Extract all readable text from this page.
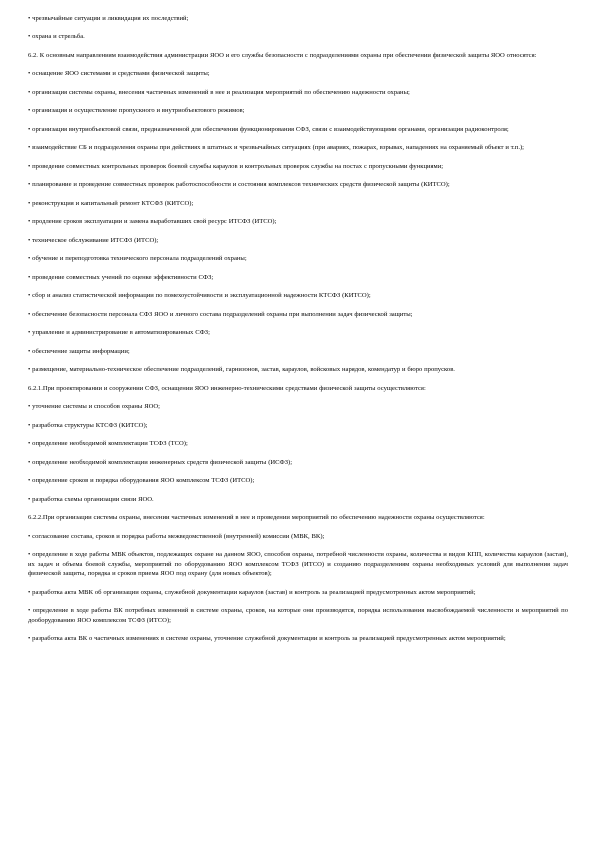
• чрезвычайные ситуации и ликвидация их последствий;

• охрана и стрельба.

6.2. К основным направлениям взаимодействия администрации ЯОО и его службы безопасности с подразделениями охраны при обеспечении физической защиты ЯОО относятся:

• оснащение ЯОО системами и средствами физической защиты;

• организация системы охраны, внесения частичных изменений в нее и реализация мероприятий по обеспечению надежности охраны;

• организация и осуществление пропускного и внутриобъектового режимов;

• организация внутриобъектовой связи, предназначенной для обеспечения функционирования СФЗ, связи с взаимодействующими органами, организация радиоконтроля;

• взаимодействие СБ и подразделения охраны при действиях в штатных и чрезвычайных ситуациях (при авариях, пожарах, взрывах, нападениях на охраняемый объект и т.п.);

• проведение совместных контрольных проверок боевой службы караулов и контрольных проверок службы на постах с пропускными функциями;

• планирование и проведение совместных проверок работоспособности и состояния комплексов технических средств физической защиты (КИТСО);

• реконструкция и капитальный ремонт КТСФЗ (КИТСО);

• продление сроков эксплуатации и замена выработавших свой ресурс ИТСФЗ (ИТСО);

• техническое обслуживание ИТСФЗ (ИТСО);

• обучение и переподготовка технического персонала подразделений охраны;

• проведение совместных учений по оценке эффективности СФЗ;

• сбор и анализ статистической информации по помехоустойчивости и эксплуатационной надежности КТСФЗ (КИТСО);

• обеспечение безопасности персонала СФЗ ЯОО и личного состава подразделений охраны при выполнении задач физической защиты;

• управление и администрирование в автоматизированных СФЗ;

• обеспечение защиты информации;

• размещение, материально-техническое обеспечение подразделений, гарнизонов, застав, караулов, войсковых нарядов, комендатур и бюро пропусков.

6.2.1.При проектировании и сооружении СФЗ, оснащении ЯОО инженерно-техническими средствами физической защиты осуществляются:

• уточнение системы и способов охраны ЯОО;

• разработка структуры КТСФЗ (КИТСО);

• определение необходимой комплектации ТСФЗ (ТСО);

• определение необходимой комплектации инженерных средств физической защиты (ИСФЗ);

• определение сроков и порядка оборудования ЯОО комплексом ТСФЗ (ИТСО);

• разработка схемы организации связи ЯОО.

6.2.2.При организации системы охраны, внесении частичных изменений в нее и проведении мероприятий по обеспечению надежности охраны осуществляются:

• согласование состава, сроков и порядка работы межведомственной (внутренней) комиссии (МВК, ВК);

• определение в ходе работы МВК объектов, подлежащих охране на данном ЯОО, способов охраны, потребной численности охраны, количества и видов КПП, количества караулов (застав), их задач и объема боевой службы, мероприятий по оборудованию ЯОО комплексом ТСФЗ (ИТСО) и созданию подразделениям охраны необходимых условий для выполнения задач физической защиты, порядка и сроков приема ЯОО под охрану (для новых объектов);

• разработка акта МВК об организации охраны, служебной документации караулов (застав) и контроль за реализацией предусмотренных актом мероприятий;

• определение в ходе работы ВК потребных изменений в системе охраны, сроков, на которые они производятся, порядка использования высвобождаемой численности и мероприятий по дооборудованию ЯОО комплексом ТСФЗ (ИТСО);

• разработка акта ВК о частичных изменениях в системе охраны, уточнение служебной документации и контроль за реализацией предусмотренных актом мероприятий;
